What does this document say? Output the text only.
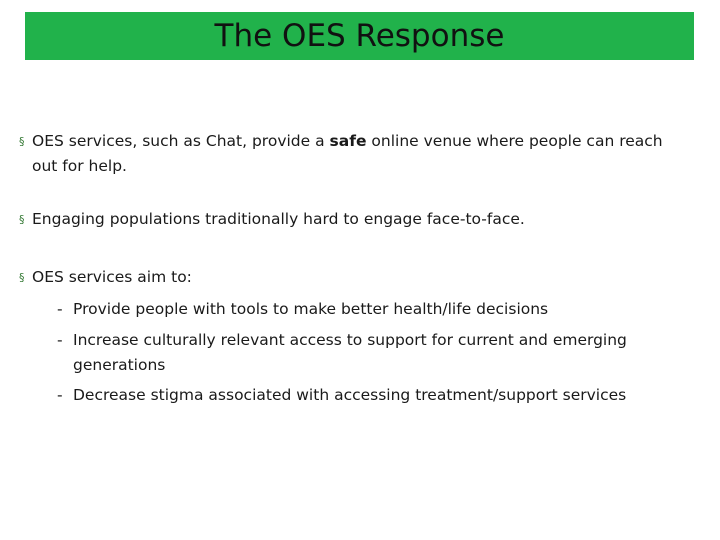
The OES Response
§ OES services, such as Chat, provide a safe online venue where people can reach out for help.
§ Engaging populations traditionally hard to engage face-to-face.
§ OES services aim to:
- Provide people with tools to make better health/life decisions
- Increase culturally relevant access to support for current and emerging generations
- Decrease stigma associated with accessing treatment/support services
